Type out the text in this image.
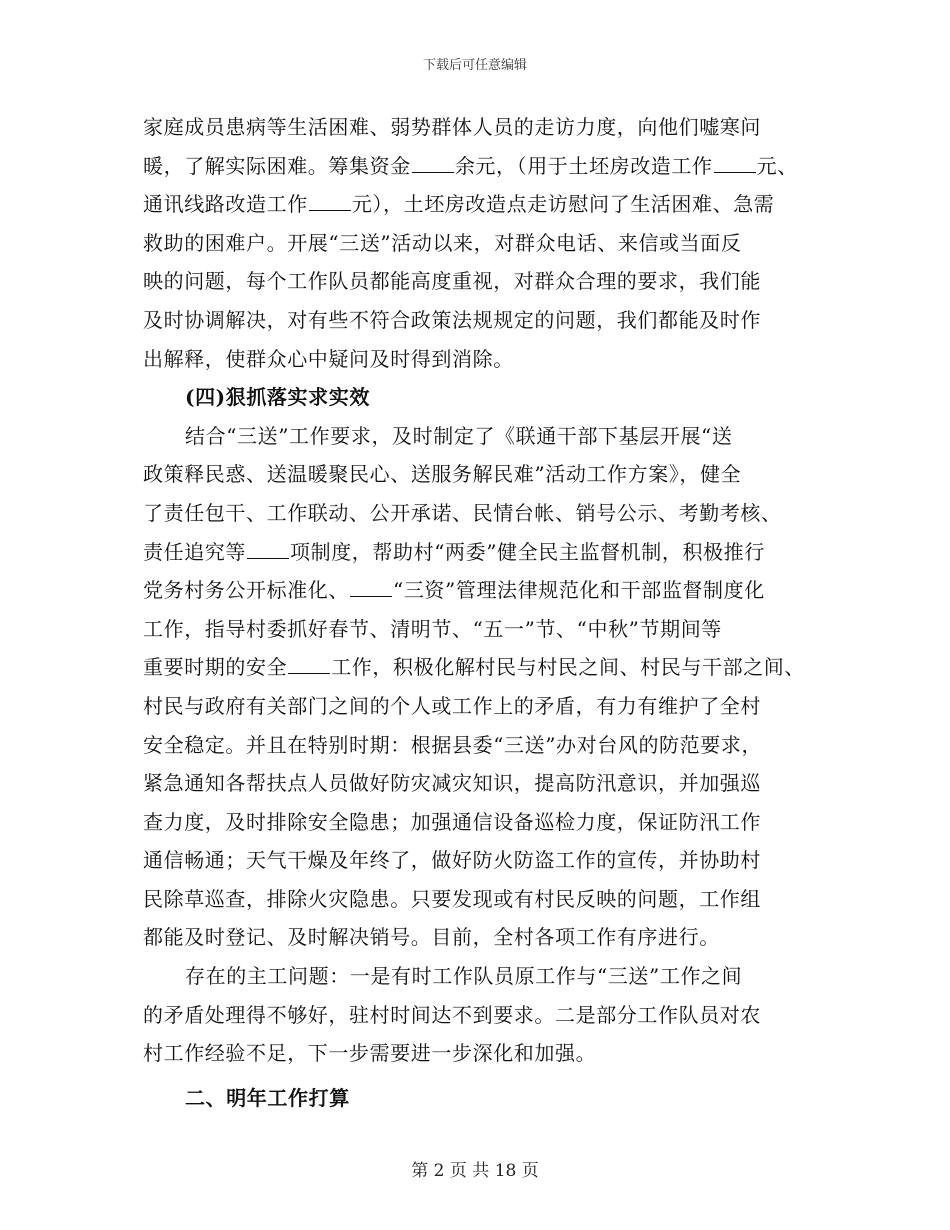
下载后可任意编辑
家庭成员患病等生活困难、弱势群体人员的走访力度，向他们嘘寒问
暖，了解实际困难。筹集资金 余元，（用于土坯房改造工作 元、
通讯线路改造工作 元），土坯房改造点走访慰问了生活困难、急需
救助的困难户。开展“三送”活动以来，对群众电话、来信或当面反
映的问题，每个工作队员都能高度重视，对群众合理的要求，我们能
及时协调解决，对有些不符合政策法规规定的问题，我们都能及时作
出解释，使群众心中疑问及时得到消除。
(四)狠抓落实求实效
结合“三送”工作要求，及时制定了《联通干部下基层开展“送
政策释民惑、送温暖聚民心、送服务解民难”活动工作方案》，健全
了责任包干、工作联动、公开承诺、民情台帐、销号公示、考勤考核、
责任追究等 项制度，帮助村“两委”健全民主监督机制，积极推行
党务村务公开标准化、 “三资”管理法律规范化和干部监督制度化
工作，指导村委抓好春节、清明节、“五一”节、“中秋”节期间等
重要时期的安全 工作，积极化解村民与村民之间、村民与干部之间、
村民与政府有关部门之间的个人或工作上的矛盾，有力有维护了全村
安全稳定。并且在特别时期：根据县委“三送”办对台风的防范要求，
紧急通知各帮扶点人员做好防灾减灾知识，提高防汛意识，并加强巡
查力度，及时排除安全隐患；加强通信设备巡检力度，保证防汛工作
通信畅通；天气干燥及年终了，做好防火防盗工作的宣传，并协助村
民除草巡查，排除火灾隐患。只要发现或有村民反映的问题，工作组
都能及时登记、及时解决销号。目前，全村各项工作有序进行。
存在的主工问题：一是有时工作队员原工作与“三送”工作之间
的矛盾处理得不够好，驻村时间达不到要求。二是部分工作队员对农
村工作经验不足，下一步需要进一步深化和加强。
二、明年工作打算
第 2 页 共 18 页
